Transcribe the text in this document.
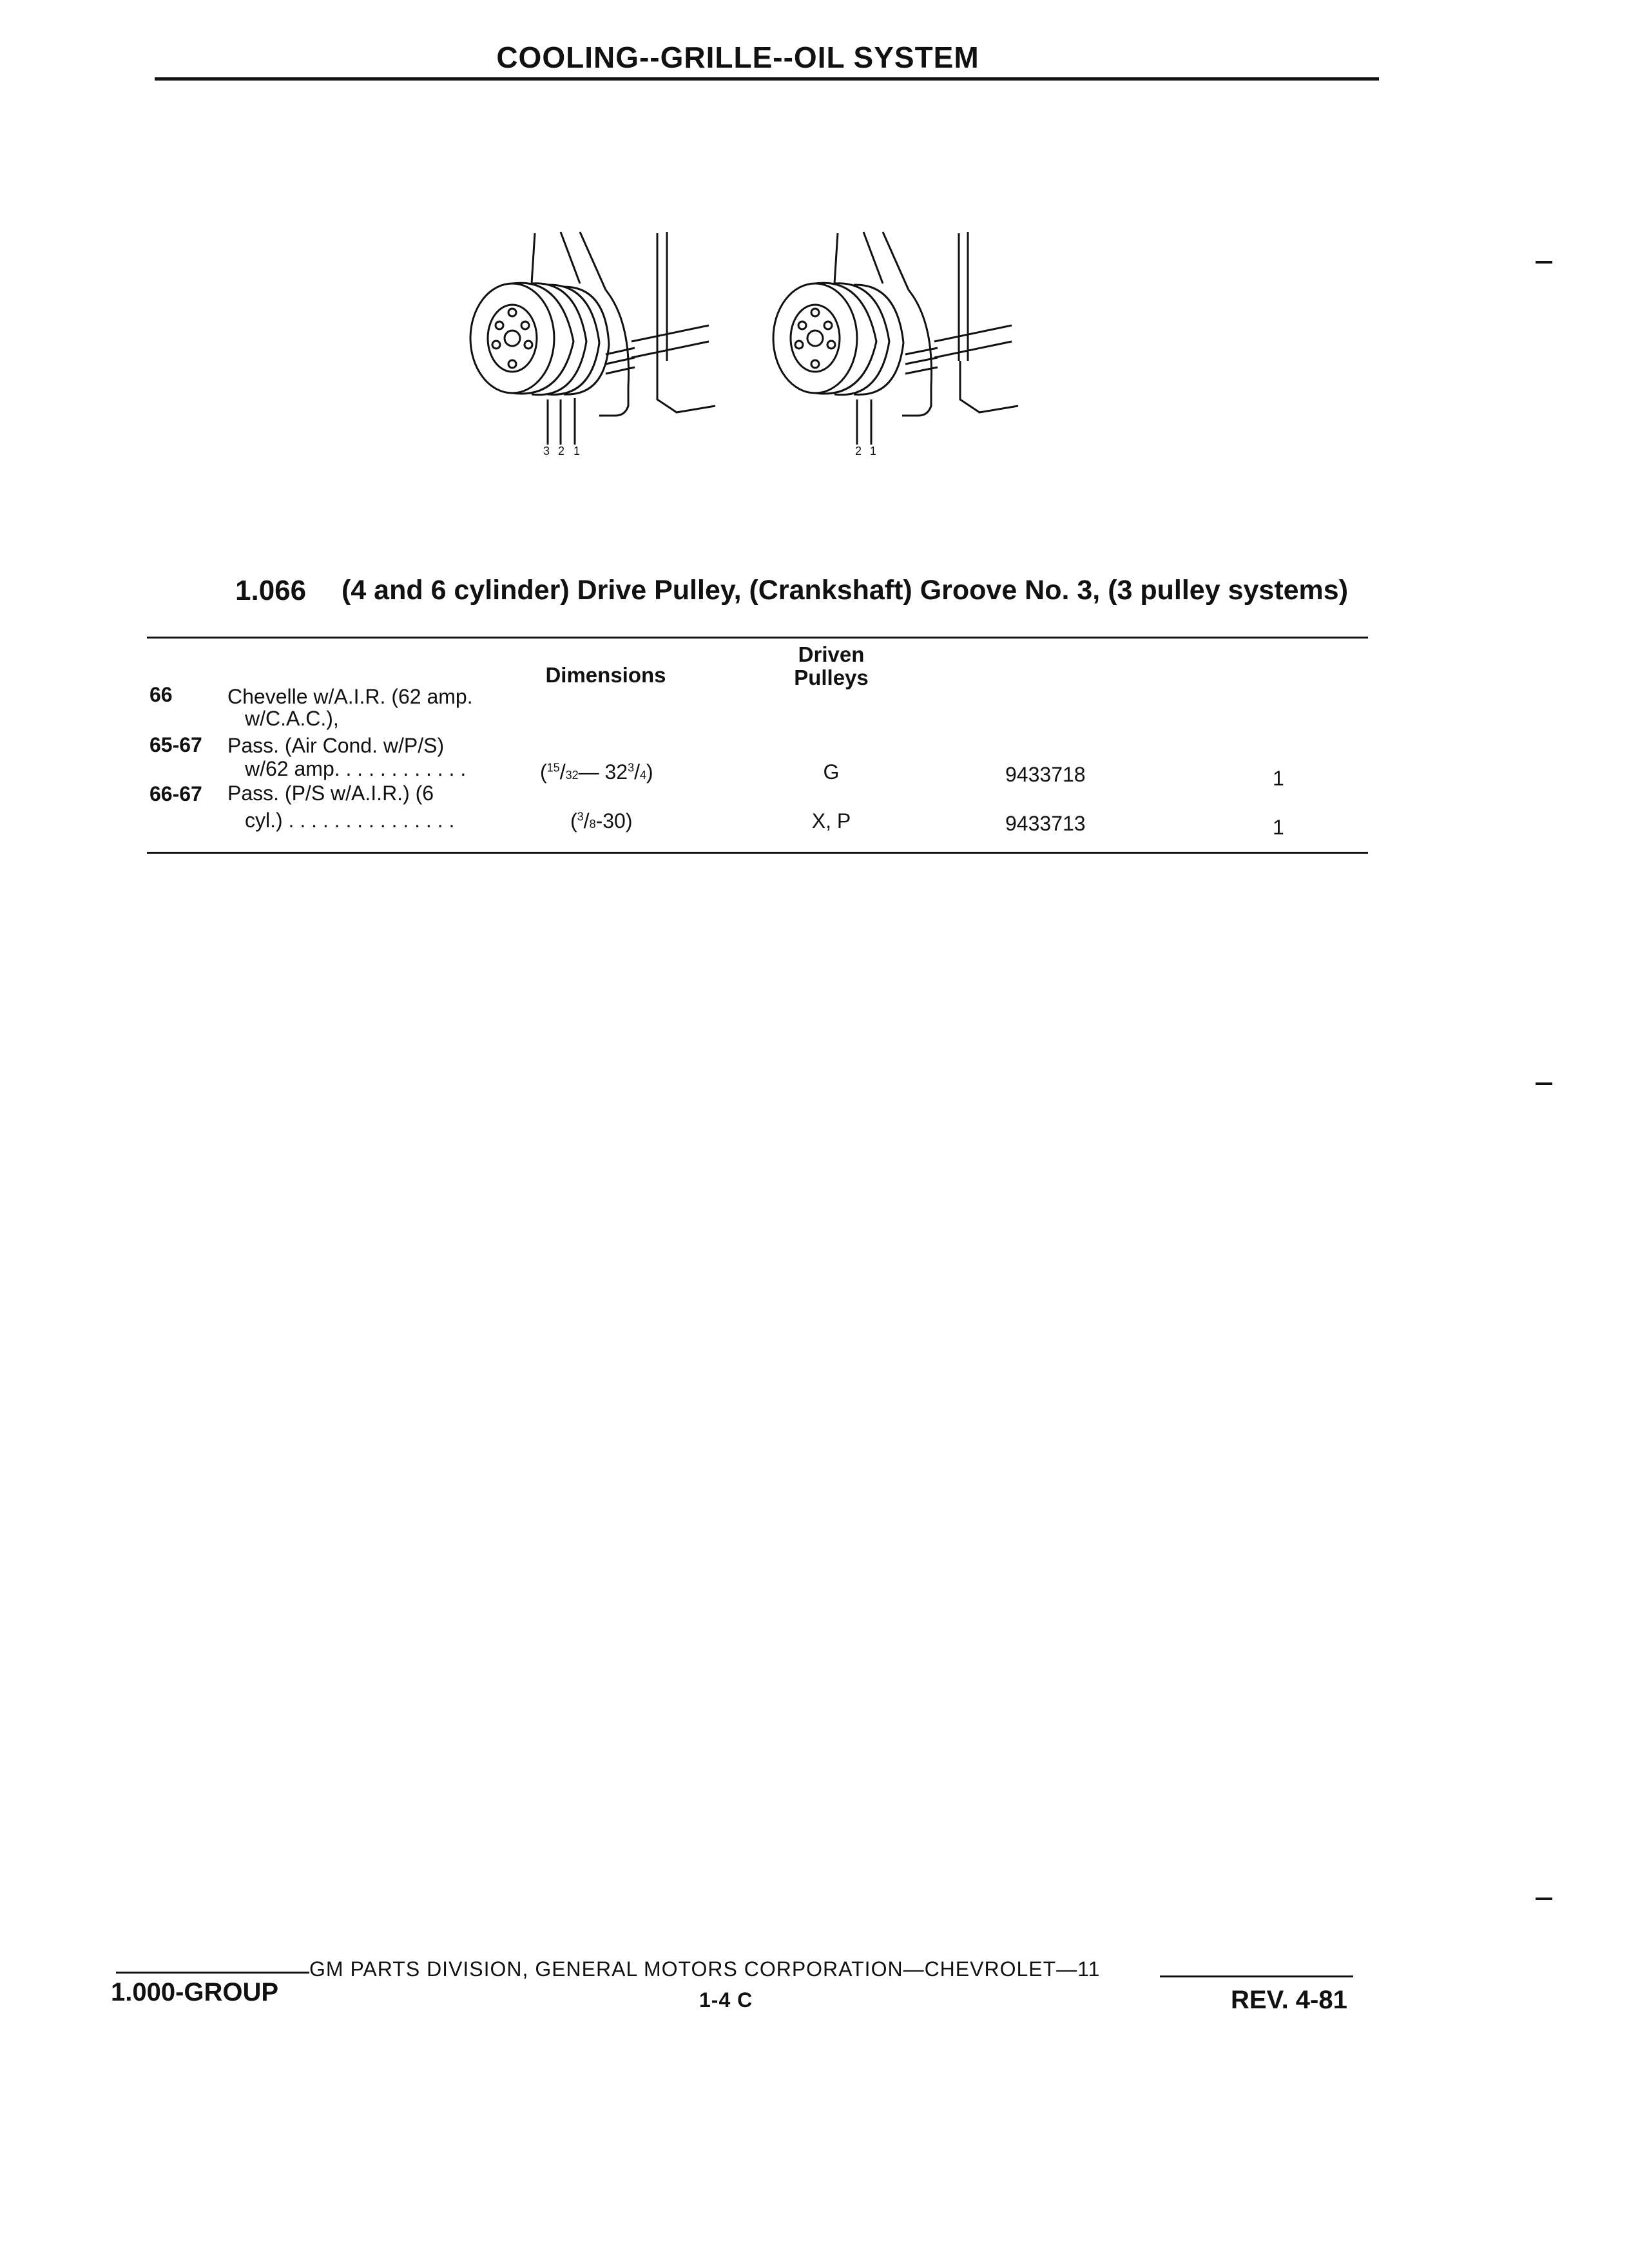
COOLING--GRILLE--OIL SYSTEM
3 2 1	2 1
1.066 (4 and 6 cylinder) Drive Pulley, (Crankshaft) Groove No. 3, (3 pulley systems)
Dimensions
Driven
Pulleys
66	Chevelle w/A.I.R. (62 amp.
w/C.A.C.),
65-67 Pass. (Air Cond. w/P/S)
w/62 amp. . . . . . . . . . . .	($^{15}$/32— $32^3/4$)	G	9433718	1
66-67 Pass. (P/S w/A.I.R.) (6
cyl.) . . . . . . . . . . . . . . .	($^3$/8-30)	X, P	9433713	1
GM PARTS DIVISION, GENERAL MOTORS CORPORATION—CHEVROLET—11
1.000-GROUP	1-4 C	REV. 4-81
